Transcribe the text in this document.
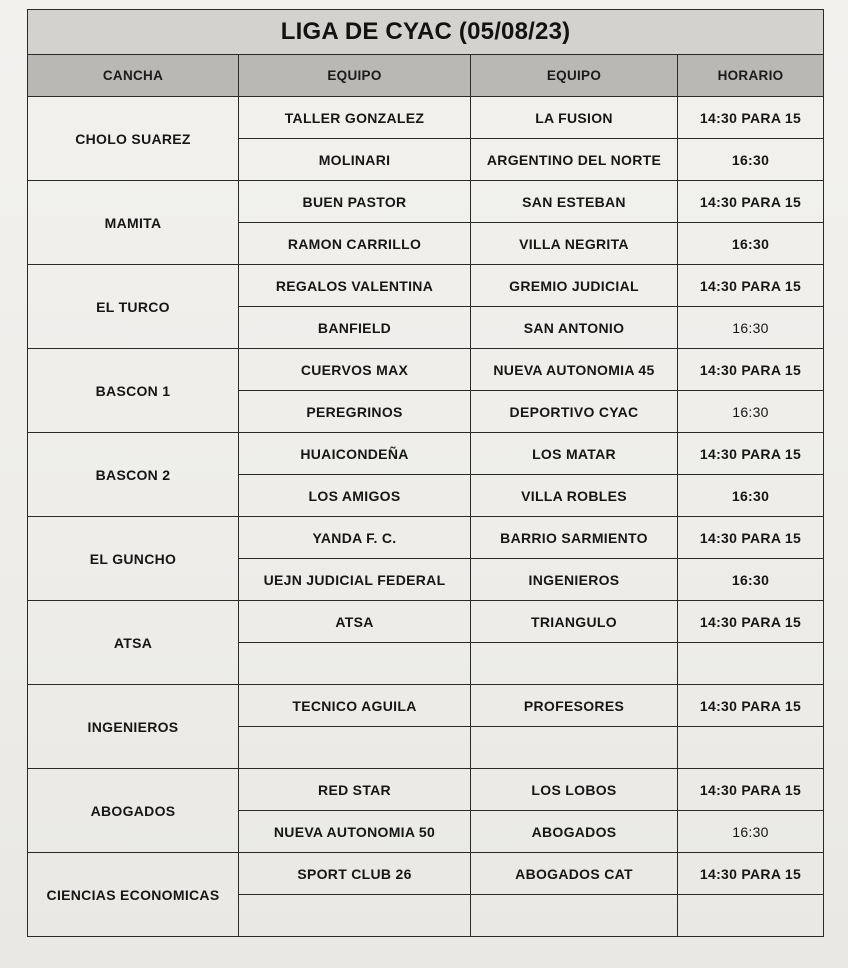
LIGA DE CYAC (05/08/23)			
CANCHA	EQUIPO	EQUIPO	HORARIO
CHOLO SUAREZ	TALLER GONZALEZ	LA FUSION	14:30 PARA 15
	MOLINARI	ARGENTINO DEL NORTE	16:30
MAMITA	BUEN PASTOR	SAN ESTEBAN	14:30 PARA 15
	RAMON CARRILLO	VILLA NEGRITA	16:30
EL TURCO	REGALOS VALENTINA	GREMIO JUDICIAL	14:30 PARA 15
	BANFIELD	SAN ANTONIO	16:30
BASCON 1	CUERVOS MAX	NUEVA AUTONOMIA 45	14:30 PARA 15
	PEREGRINOS	DEPORTIVO CYAC	16:30
BASCON 2	HUAICONDEÑA	LOS MATAR	14:30 PARA 15
	LOS AMIGOS	VILLA ROBLES	16:30
EL GUNCHO	YANDA F. C.	BARRIO SARMIENTO	14:30 PARA 15
	UEJN JUDICIAL FEDERAL	INGENIEROS	16:30
ATSA	ATSA	TRIANGULO	14:30 PARA 15

INGENIEROS	TECNICO AGUILA	PROFESORES	14:30 PARA 15

ABOGADOS	RED STAR	LOS LOBOS	14:30 PARA 15
	NUEVA AUTONOMIA 50	ABOGADOS	16:30
CIENCIAS ECONOMICAS	SPORT CLUB 26	ABOGADOS CAT	14:30 PARA 15
